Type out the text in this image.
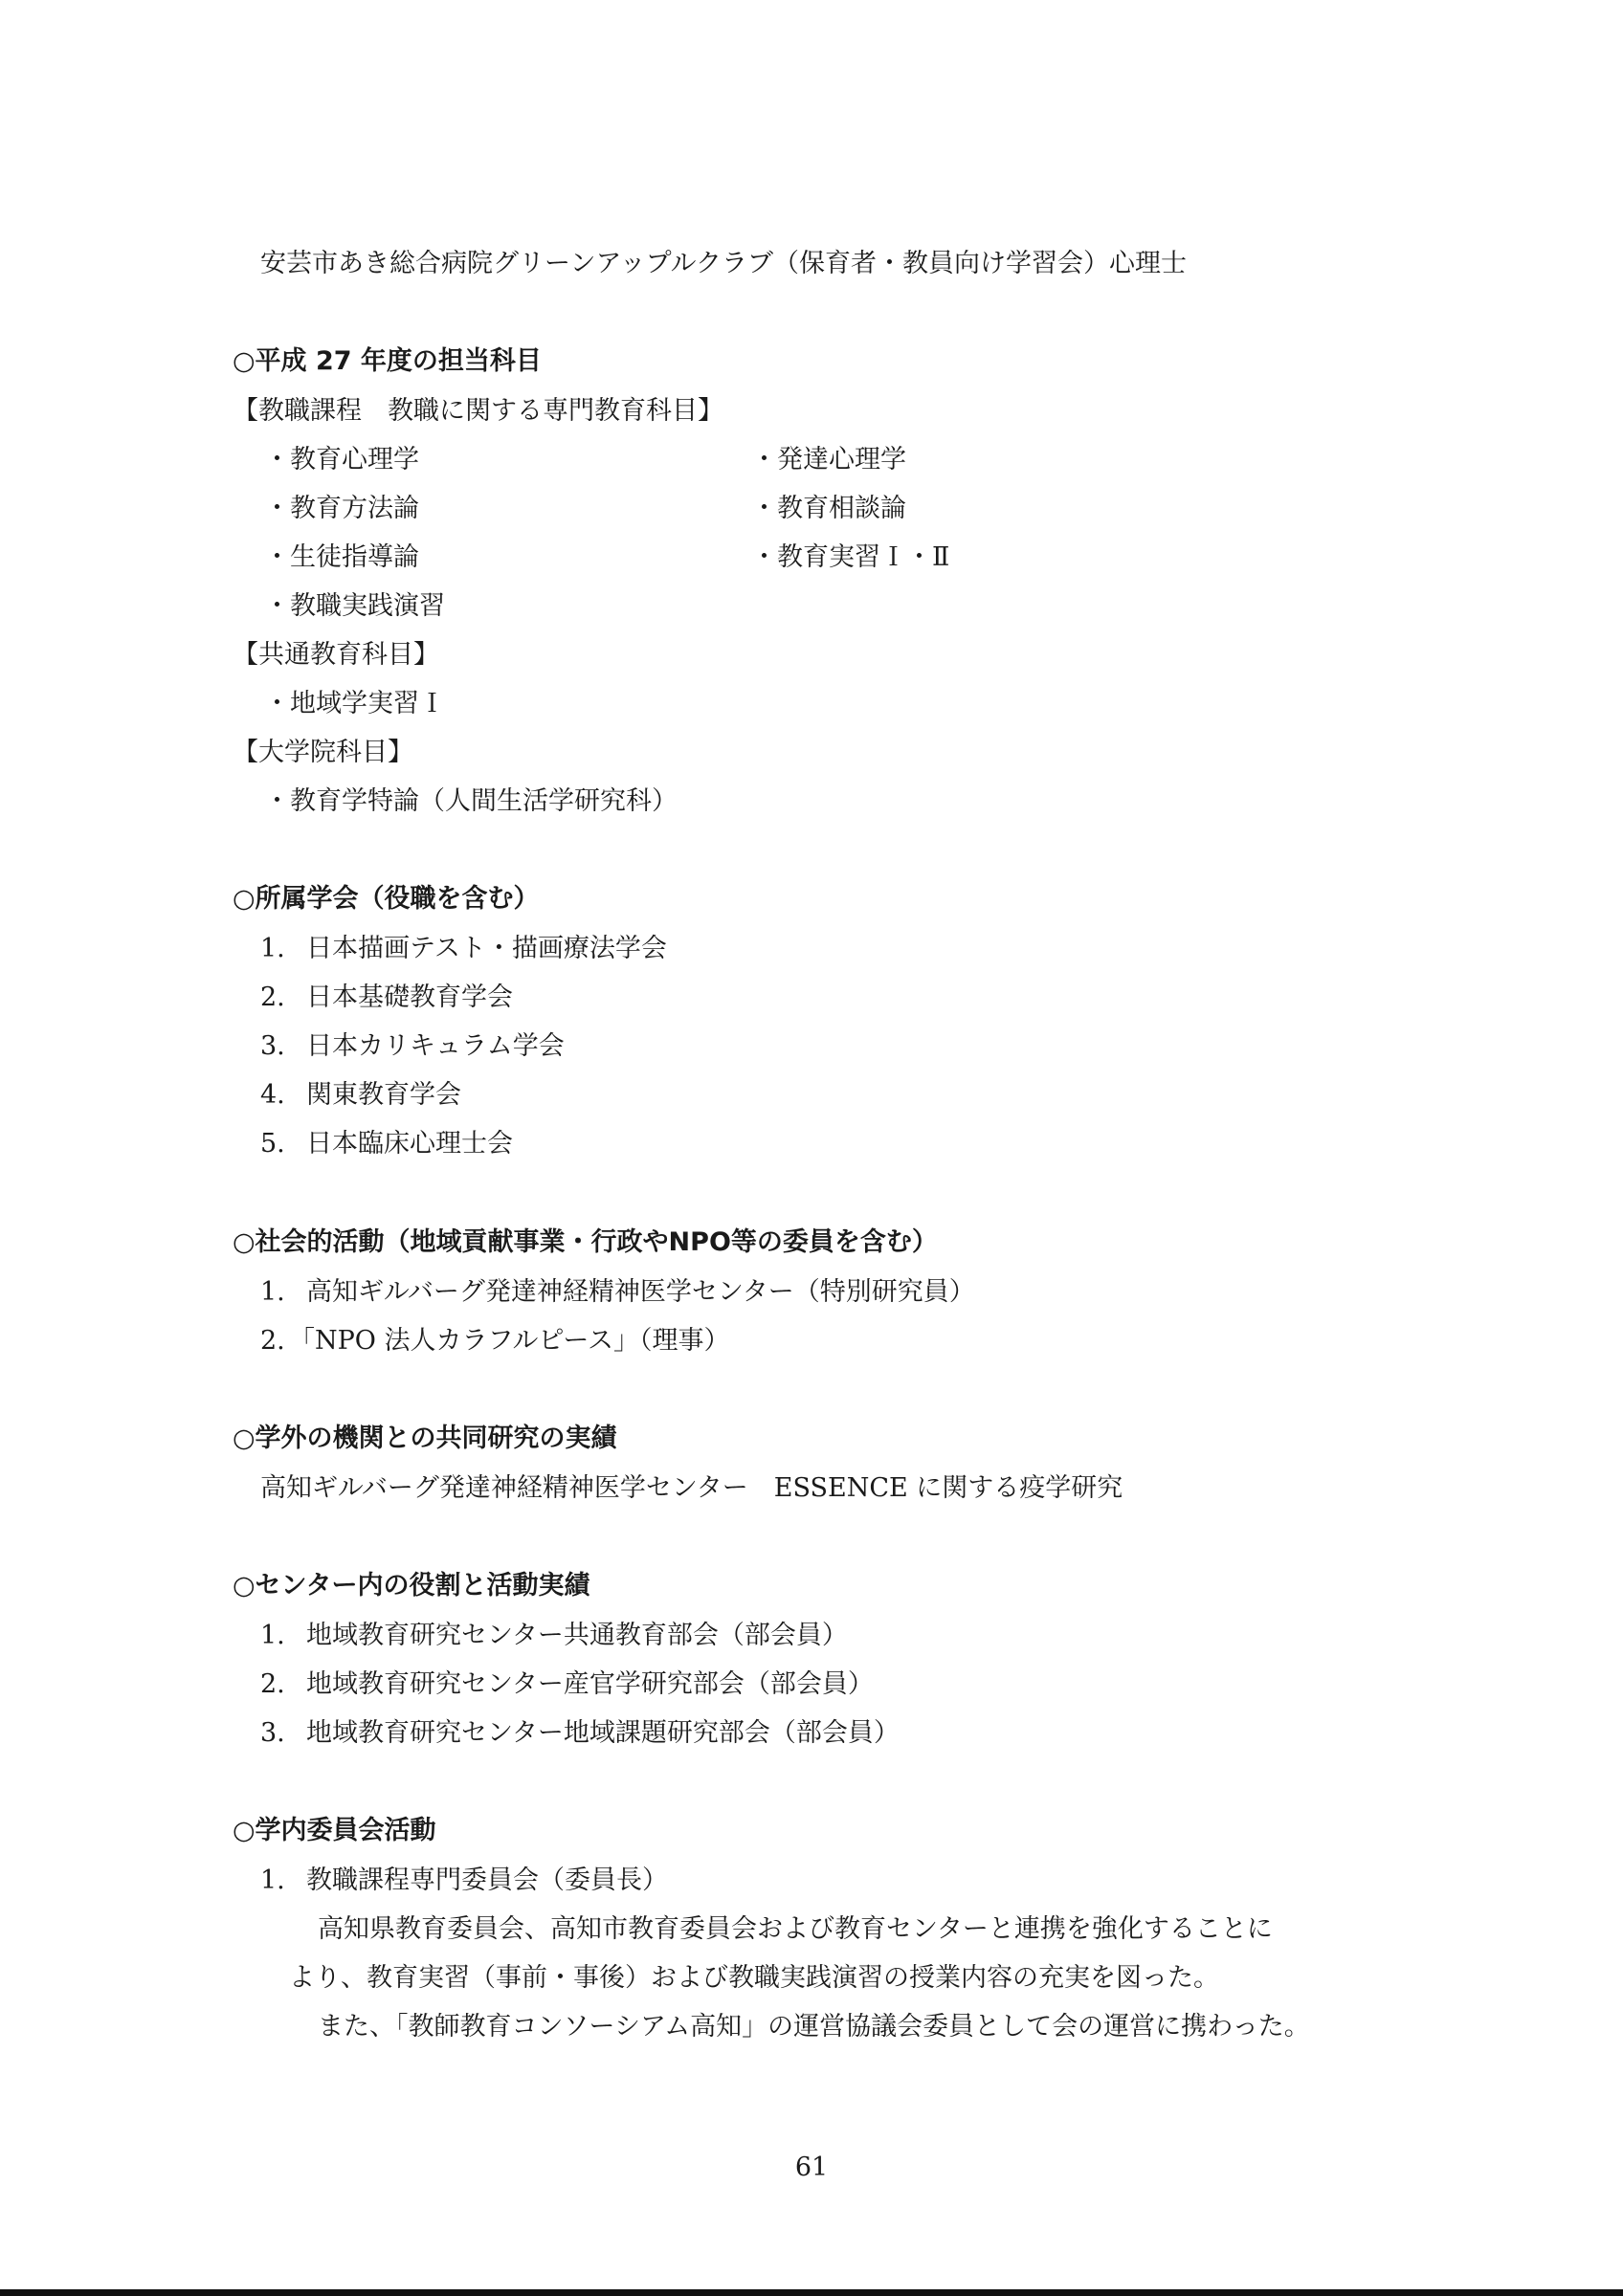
安芸市あき総合病院グリーンアップルクラブ（保育者・教員向け学習会）心理士
○平成 27 年度の担当科目
【教職課程　教職に関する専門教育科目】
・教育心理学
・教育方法論
・生徒指導論
・教職実践演習
・発達心理学
・教育相談論
・教育実習Ｉ・Ⅱ
【共通教育科目】
・地域学実習Ｉ
【大学院科目】
・教育学特論（人間生活学研究科）
○所属学会（役職を含む）
1. 日本描画テスト・描画療法学会
2. 日本基礎教育学会
3. 日本カリキュラム学会
4. 関東教育学会
5. 日本臨床心理士会
○社会的活動（地域貢献事業・行政やNPO等の委員を含む）
1. 高知ギルバーグ発達神経精神医学センター（特別研究員）
2. 「NPO 法人カラフルピース」（理事）
○学外の機関との共同研究の実績
高知ギルバーグ発達神経精神医学センター　ESSENCE に関する疫学研究
○センター内の役割と活動実績
1. 地域教育研究センター共通教育部会（部会員）
2. 地域教育研究センター産官学研究部会（部会員）
3. 地域教育研究センター地域課題研究部会（部会員）
○学内委員会活動
1. 教職課程専門委員会（委員長）
高知県教育委員会、高知市教育委員会および教育センターと連携を強化することに
より、教育実習（事前・事後）および教職実践演習の授業内容の充実を図った。
また、「教師教育コンソーシアム高知」の運営協議会委員として会の運営に携わった。
61
